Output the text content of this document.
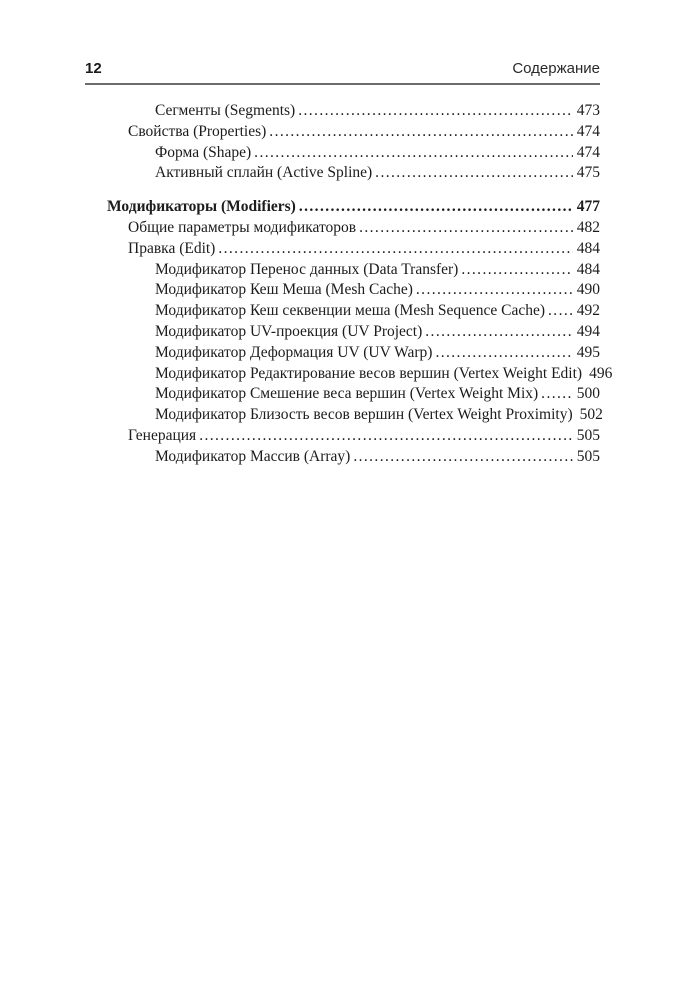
12	Содержание
Сегменты (Segments) .....	473
Свойства (Properties) .....	474
Форма (Shape) .....	474
Активный сплайн (Active Spline) .....	475
Модификаторы (Modifiers) .....	477
Общие параметры модификаторов .....	482
Правка (Edit) .....	484
Модификатор Перенос данных (Data Transfer) .....	484
Модификатор Кеш Меша (Mesh Cache) .....	490
Модификатор Кеш секвенции меша (Mesh Sequence Cache) ..... 492
Модификатор UV-проекция (UV Project) .....	494
Модификатор Деформация UV (UV Warp) .....	495
Модификатор Редактирование весов вершин (Vertex Weight Edit) 496
Модификатор Смешение веса вершин (Vertex Weight Mix) ..... 500
Модификатор Близость весов вершин (Vertex Weight Proximity) 502
Генерация .....	505
Модификатор Массив (Array) .....	505
